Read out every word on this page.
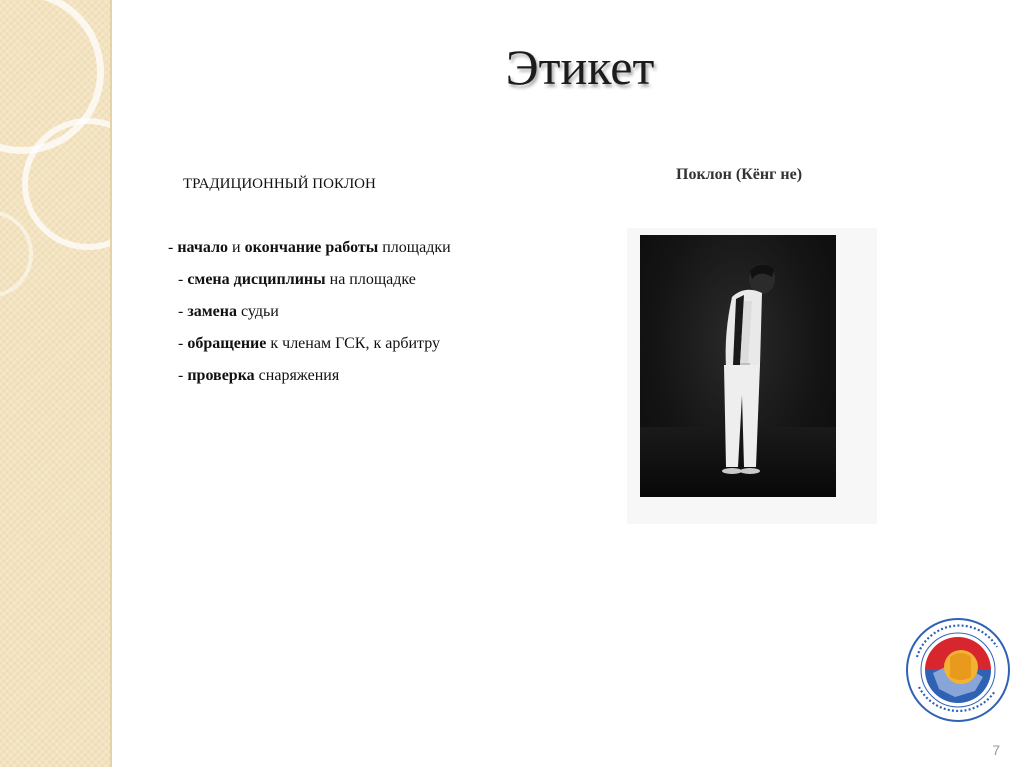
Этикет
ТРАДИЦИОННЫЙ ПОКЛОН
- начало и окончание работы площадки
- смена дисциплины на площадке
- замена судьи
- обращение к членам ГСК, к арбитру
- проверка снаряжения
Поклон (Кёнг не)
7
